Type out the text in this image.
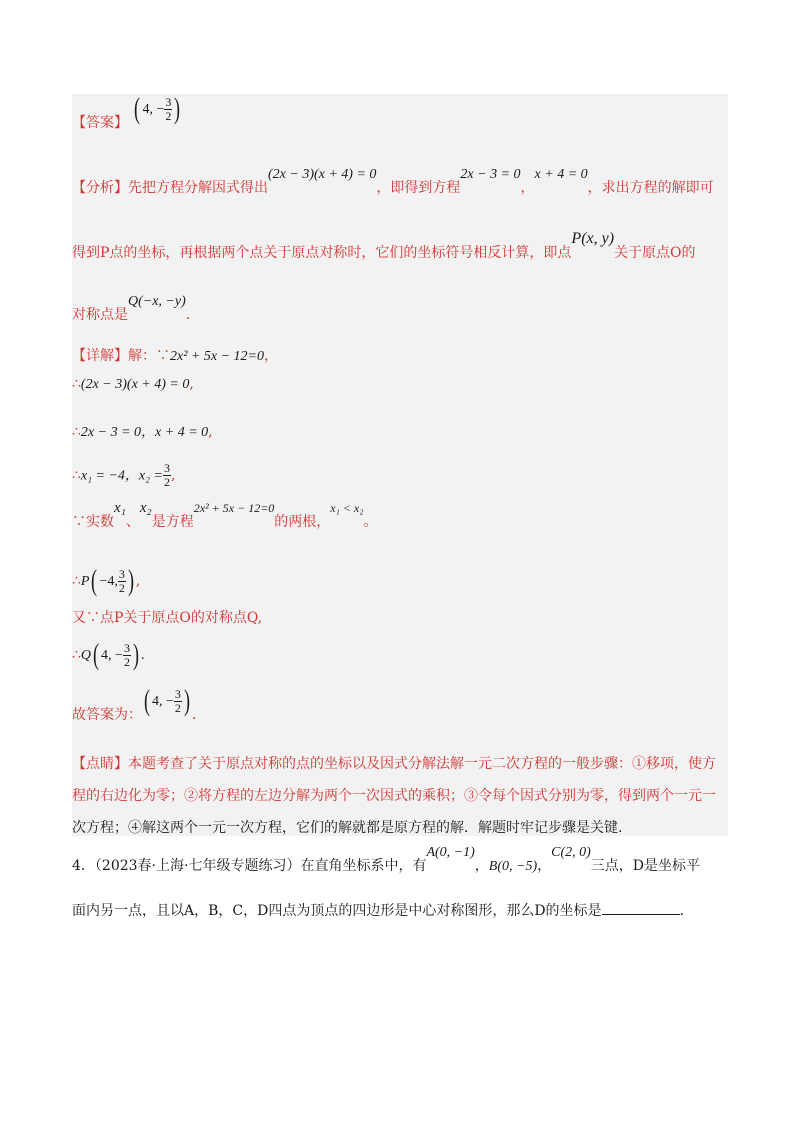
【答案】 ( 4, − $\frac{3}{2}$ )
【分析】先把方程分解因式得出(2x − 3)(x + 4) = 0，即得到方程2x − 3 = 0，x + 4 = 0，求出方程的解即可
得到P点的坐标，再根据两个点关于原点对称时，它们的坐标符号相反计算，即点P(x, y)关于原点O的
对称点是Q(−x, −y).
【详解】解：∵2x² + 5x − 12=0，
∴(2x − 3)(x + 4) = 0,
∴2x − 3 = 0，x + 4 = 0,
∴x₁ = −4，$x_2 = \frac{3}{2}$ ,
∵实数x₁、x₂是方程2x² + 5x − 12=0的两根，x₁ < x₂。
∴P( −4, $\frac{3}{2}$ ) ,
又∵点P关于原点O的对称点Q,
∴Q( 4, − $\frac{3}{2}$ ) .
故答案为：( 4, − $\frac{3}{2}$ ) .
【点睛】本题考查了关于原点对称的点的坐标以及因式分解法解一元二次方程的一般步骤：①移项，使方
程的右边化为零；②将方程的左边分解为两个一次因式的乘积；③令每个因式分别为零，得到两个一元一
次方程；④解这两个一元一次方程，它们的解就都是原方程的解．解题时牢记步骤是关键.
4．（2023春·上海·七年级专题练习）在直角坐标系中，有A(0, −1)，B(0, −5)，C(2, 0)三点，D是坐标平
面内另一点，且以A，B，C，D四点为顶点的四边形是中心对称图形，那么D的坐标是	．
